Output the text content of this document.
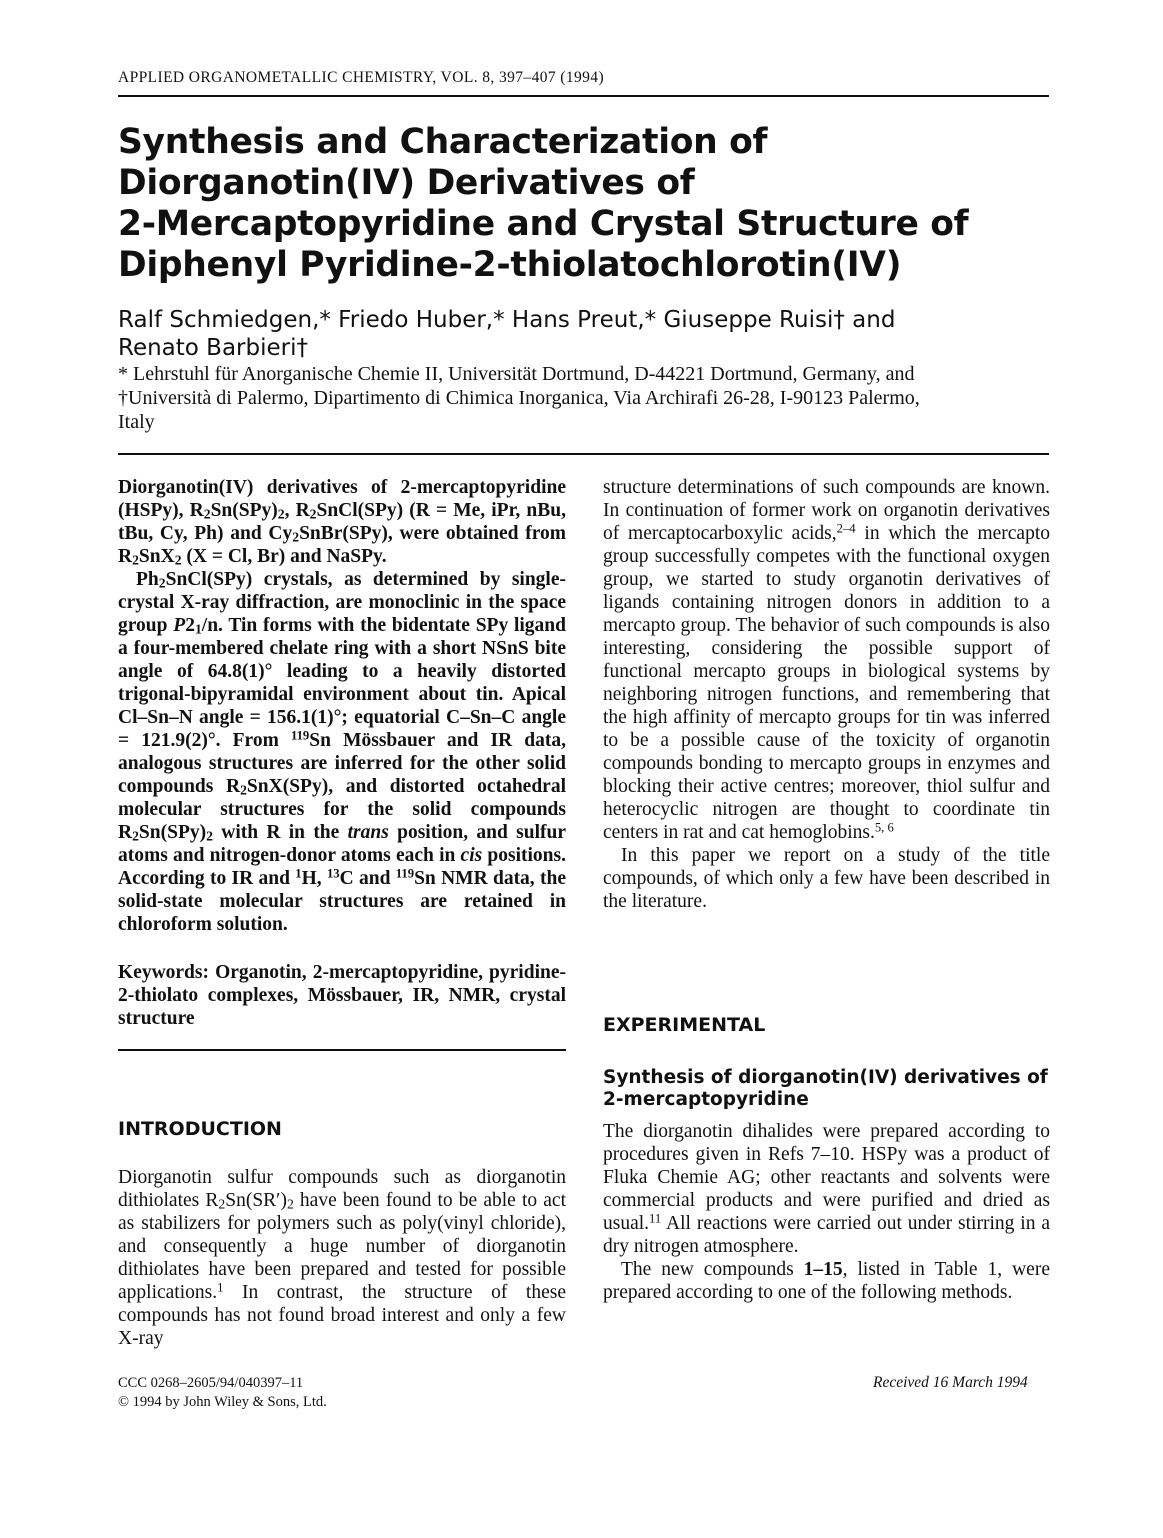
APPLIED ORGANOMETALLIC CHEMISTRY, VOL. 8, 397–407 (1994)
Synthesis and Characterization of
Diorganotin(IV) Derivatives of
2-Mercaptopyridine and Crystal Structure of
Diphenyl Pyridine-2-thiolatochlorotin(IV)
Ralf Schmiedgen,* Friedo Huber,* Hans Preut,* Giuseppe Ruisi† and
Renato Barbieri†
* Lehrstuhl für Anorganische Chemie II, Universität Dortmund, D-44221 Dortmund, Germany, and
†Università di Palermo, Dipartimento di Chimica Inorganica, Via Archirafi 26-28, I-90123 Palermo,
Italy

Diorganotin(IV) derivatives of 2-mercaptopyridine (HSPy), R2Sn(SPy)2, R2SnCl(SPy) (R = Me, iPr, nBu, tBu, Cy, Ph) and Cy2SnBr(SPy), were obtained from R2SnX2 (X = Cl, Br) and NaSPy.

Ph2SnCl(SPy) crystals, as determined by single-crystal X-ray diffraction, are monoclinic in the space group P21/n. Tin forms with the bidentate SPy ligand a four-membered chelate ring with a short NSnS bite angle of 64.8(1)° leading to a heavily distorted trigonal-bipyramidal environment about tin. Apical Cl–Sn–N angle = 156.1(1)°; equatorial C–Sn–C angle = 121.9(2)°. From $^{119}$Sn Mössbauer and IR data, analogous structures are inferred for the other solid compounds R2SnX(SPy), and distorted octahedral molecular structures for the solid compounds R2Sn(SPy)2 with R in the trans position, and sulfur atoms and nitrogen-donor atoms each in cis positions. According to IR and $^1$H, $^{13}$C and $^{119}$Sn NMR data, the solid-state molecular structures are retained in chloroform solution.

Keywords: Organotin, 2-mercaptopyridine, pyridine-2-thiolato complexes, Mössbauer, IR, NMR, crystal structure
INTRODUCTION

Diorganotin sulfur compounds such as diorganotin dithiolates R2Sn(SR′)2 have been found to be able to act as stabilizers for polymers such as poly(vinyl chloride), and consequently a huge number of diorganotin dithiolates have been prepared and tested for possible applications.$^1$ In contrast, the structure of these compounds has not found broad interest and only a few X-ray

structure determinations of such compounds are known. In continuation of former work on organotin derivatives of mercaptocarboxylic acids,$^{2-4}$ in which the mercapto group successfully competes with the functional oxygen group, we started to study organotin derivatives of ligands containing nitrogen donors in addition to a mercapto group. The behavior of such compounds is also interesting, considering the possible support of functional mercapto groups in biological systems by neighboring nitrogen functions, and remembering that the high affinity of mercapto groups for tin was inferred to be a possible cause of the toxicity of organotin compounds bonding to mercapto groups in enzymes and blocking their active centres; moreover, thiol sulfur and heterocyclic nitrogen are thought to coordinate tin centers in rat and cat hemoglobins.$^{5, 6}$

In this paper we report on a study of the title compounds, of which only a few have been described in the literature.

EXPERIMENTAL
Synthesis of diorganotin(IV) derivatives of 2-mercaptopyridine

The diorganotin dihalides were prepared according to procedures given in Refs 7–10. HSPy was a product of Fluka Chemie AG; other reactants and solvents were commercial products and were purified and dried as usual.$^{11}$ All reactions were carried out under stirring in a dry nitrogen atmosphere.

The new compounds 1–15, listed in Table 1, were prepared according to one of the following methods.

CCC 0268–2605/94/040397–11
© 1994 by John Wiley & Sons, Ltd.
Received 16 March 1994
